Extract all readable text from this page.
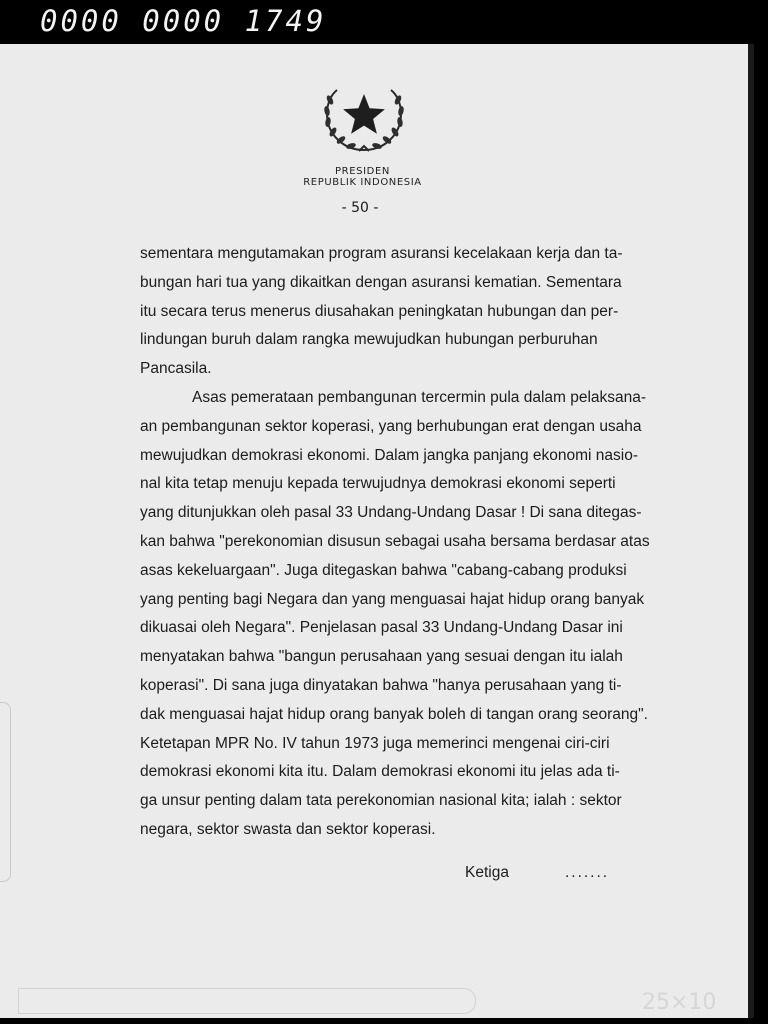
0000 0000 1749
PRESIDEN
REPUBLIK INDONESIA
- 50 -
sementara mengutamakan program asuransi kecelakaan kerja dan ta-
bungan hari tua yang dikaitkan dengan asuransi kematian. Sementara
itu secara terus menerus diusahakan peningkatan hubungan dan per-
lindungan buruh dalam rangka mewujudkan hubungan perburuhan
Pancasila.
Asas pemerataan pembangunan tercermin pula dalam pelaksana-
an pembangunan sektor koperasi, yang berhubungan erat dengan usaha
mewujudkan demokrasi ekonomi. Dalam jangka panjang ekonomi nasio-
nal kita tetap menuju kepada terwujudnya demokrasi ekonomi seperti
yang ditunjukkan oleh pasal 33 Undang-Undang Dasar ! Di sana ditegas-
kan bahwa "perekonomian disusun sebagai usaha bersama berdasar atas
asas kekeluargaan". Juga ditegaskan bahwa "cabang-cabang produksi
yang penting bagi Negara dan yang menguasai hajat hidup orang banyak
dikuasai oleh Negara". Penjelasan pasal 33 Undang-Undang Dasar ini
menyatakan bahwa "bangun perusahaan yang sesuai dengan itu ialah
koperasi". Di sana juga dinyatakan bahwa "hanya perusahaan yang ti-
dak menguasai hajat hidup orang banyak boleh di tangan orang seorang".
Ketetapan MPR No. IV tahun 1973 juga memerinci mengenai ciri-ciri
demokrasi ekonomi kita itu. Dalam demokrasi ekonomi itu jelas ada ti-
ga unsur penting dalam tata perekonomian nasional kita; ialah : sektor
negara, sektor swasta dan sektor koperasi.
Ketiga	.......
25×10
